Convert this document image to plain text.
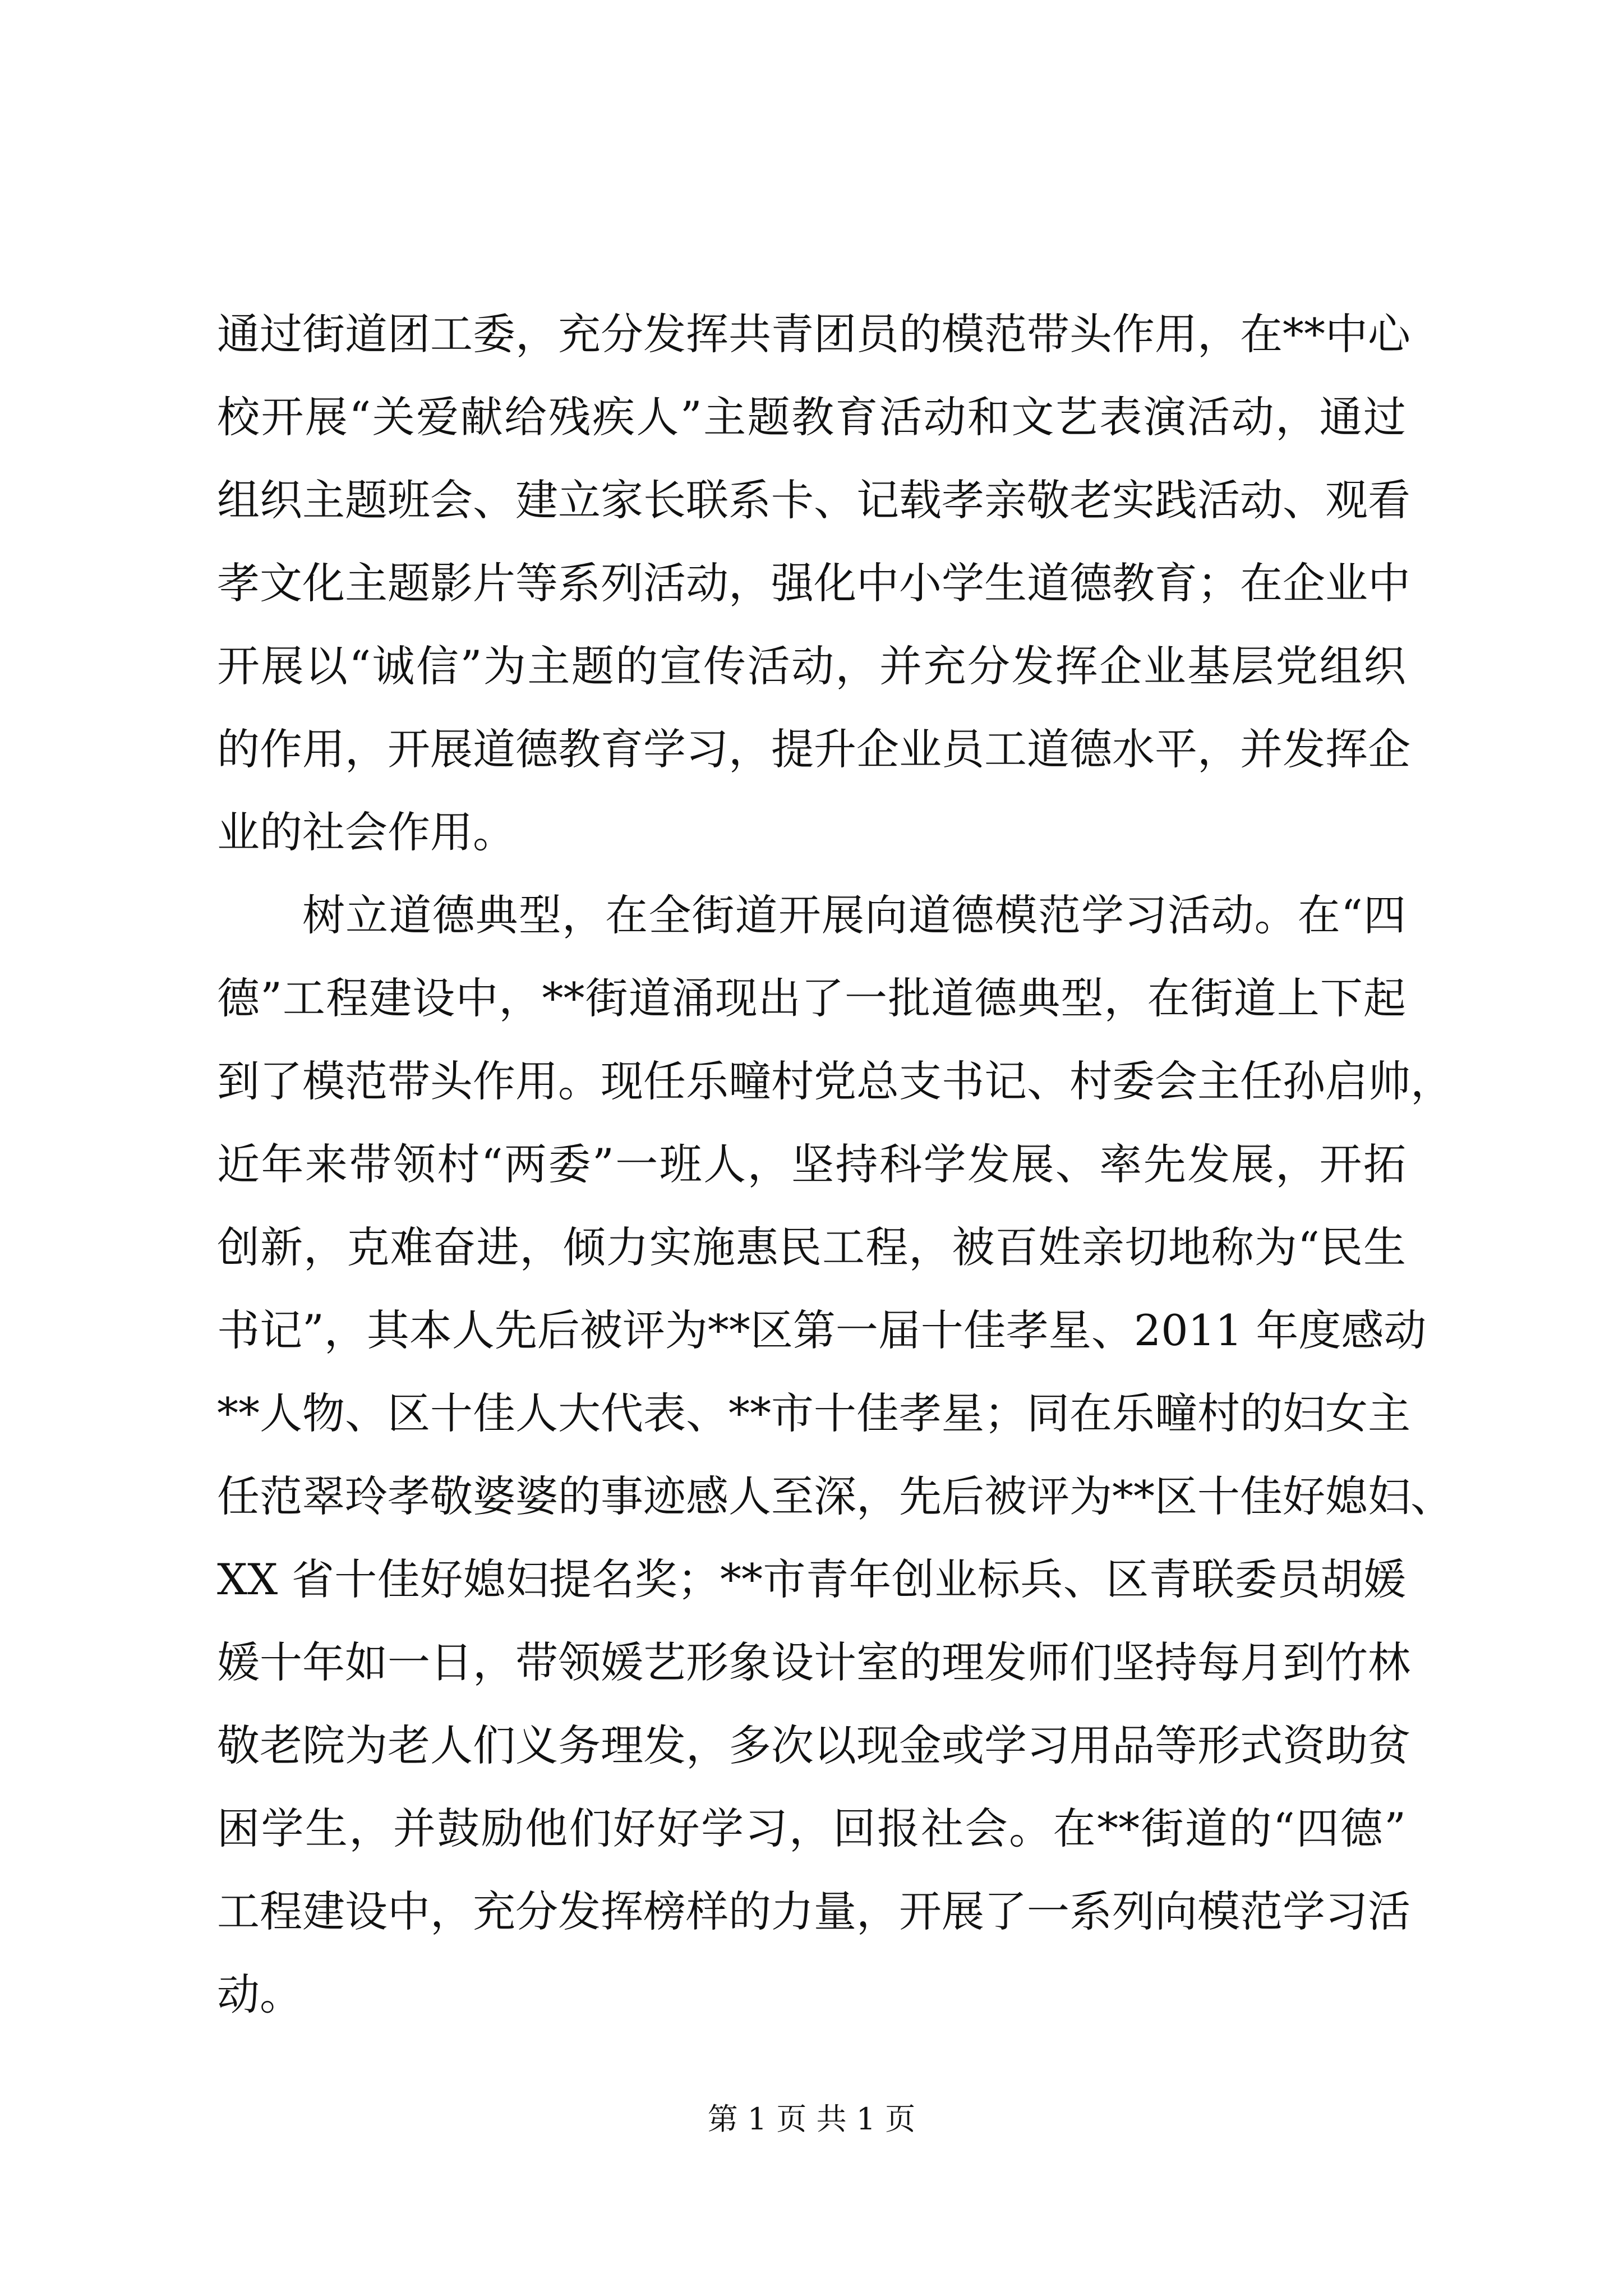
通过街道团工委，充分发挥共青团员的模范带头作用，在**中心
校开展“关爱献给残疾人”主题教育活动和文艺表演活动，通过
组织主题班会、建立家长联系卡、记载孝亲敬老实践活动、观看
孝文化主题影片等系列活动，强化中小学生道德教育；在企业中
开展以“诚信”为主题的宣传活动，并充分发挥企业基层党组织
的作用，开展道德教育学习，提升企业员工道德水平，并发挥企
业的社会作用。
树立道德典型，在全街道开展向道德模范学习活动。在“四
德”工程建设中，**街道涌现出了一批道德典型，在街道上下起
到了模范带头作用。现任乐疃村党总支书记、村委会主任孙启帅，
近年来带领村“两委”一班人，坚持科学发展、率先发展，开拓
创新，克难奋进，倾力实施惠民工程，被百姓亲切地称为“民生
书记”，其本人先后被评为**区第一届十佳孝星、2011 年度感动
**人物、区十佳人大代表、**市十佳孝星；同在乐疃村的妇女主
任范翠玲孝敬婆婆的事迹感人至深，先后被评为**区十佳好媳妇、
XX 省十佳好媳妇提名奖；**市青年创业标兵、区青联委员胡媛
媛十年如一日，带领媛艺形象设计室的理发师们坚持每月到竹林
敬老院为老人们义务理发，多次以现金或学习用品等形式资助贫
困学生，并鼓励他们好好学习，回报社会。在**街道的“四德”
工程建设中，充分发挥榜样的力量，开展了一系列向模范学习活
动。
第 1 页 共 1 页
